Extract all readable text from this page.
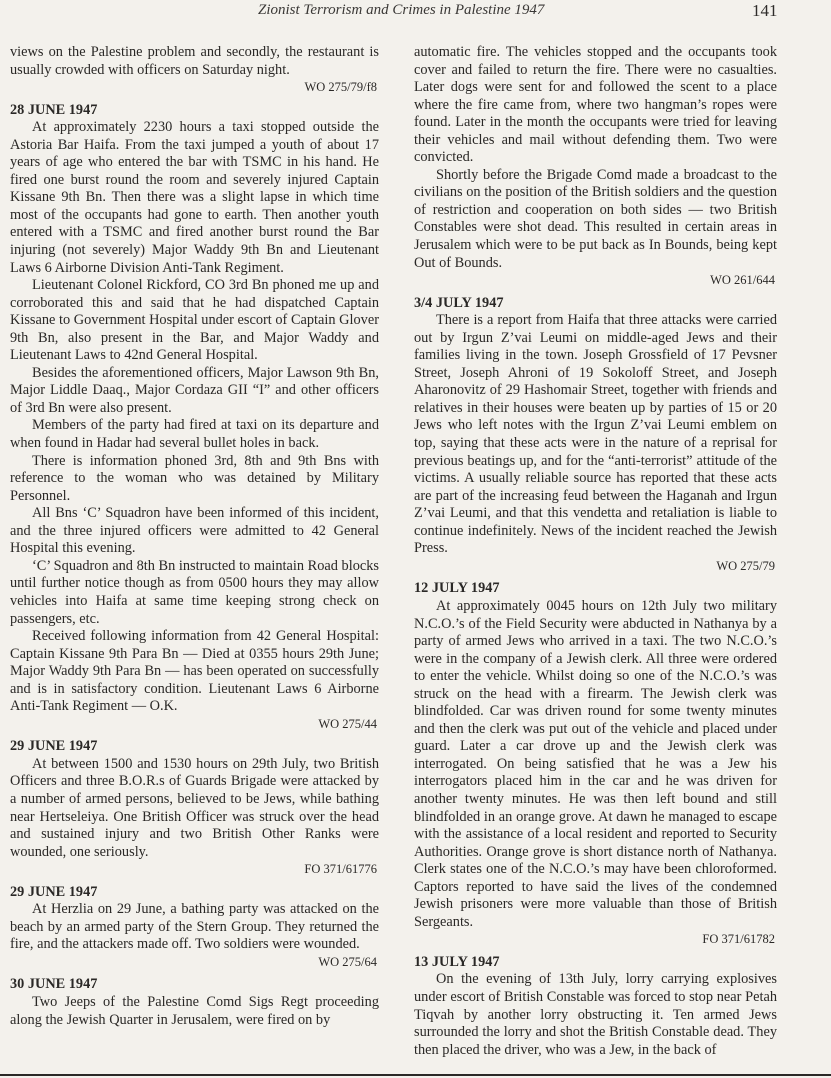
Zionist Terrorism and Crimes in Palestine 1947	141

views on the Palestine problem and secondly, the restaurant is usually crowded with officers on Saturday night.

WO 275/79/f8
28 JUNE 1947

At approximately 2230 hours a taxi stopped outside the Astoria Bar Haifa. From the taxi jumped a youth of about 17 years of age who entered the bar with TSMC in his hand. He fired one burst round the room and severely injured Captain Kissane 9th Bn. Then there was a slight lapse in which time most of the occupants had gone to earth. Then another youth entered with a TSMC and fired another burst round the Bar injuring (not severely) Major Waddy 9th Bn and Lieutenant Laws 6 Airborne Division Anti-Tank Regiment.

Lieutenant Colonel Rickford, CO 3rd Bn phoned me up and corroborated this and said that he had dispatched Captain Kissane to Government Hospital under escort of Captain Glover 9th Bn, also present in the Bar, and Major Waddy and Lieutenant Laws to 42nd General Hospital.

Besides the aforementioned officers, Major Lawson 9th Bn, Major Liddle Daaq., Major Cordaza GII “I” and other officers of 3rd Bn were also present.

Members of the party had fired at taxi on its departure and when found in Hadar had several bullet holes in back.

There is information phoned 3rd, 8th and 9th Bns with reference to the woman who was detained by Military Personnel.

All Bns ‘C’ Squadron have been informed of this incident, and the three injured officers were admitted to 42 General Hospital this evening.

‘C’ Squadron and 8th Bn instructed to maintain Road blocks until further notice though as from 0500 hours they may allow vehicles into Haifa at same time keeping strong check on passengers, etc.

Received following information from 42 General Hospital: Captain Kissane 9th Para Bn — Died at 0355 hours 29th June; Major Waddy 9th Para Bn — has been operated on successfully and is in satisfactory condition. Lieutenant Laws 6 Airborne Anti-Tank Regiment — O.K.

WO 275/44
29 JUNE 1947

At between 1500 and 1530 hours on 29th July, two British Officers and three B.O.R.s of Guards Brigade were attacked by a number of armed persons, believed to be Jews, while bathing near Hertseleiya. One British Officer was struck over the head and sustained injury and two British Other Ranks were wounded, one seriously.

FO 371/61776
29 JUNE 1947

At Herzlia on 29 June, a bathing party was attacked on the beach by an armed party of the Stern Group. They returned the fire, and the attackers made off. Two soldiers were wounded.

WO 275/64
30 JUNE 1947

Two Jeeps of the Palestine Comd Sigs Regt proceeding along the Jewish Quarter in Jerusalem, were fired on by

automatic fire. The vehicles stopped and the occupants took cover and failed to return the fire. There were no casualties. Later dogs were sent for and followed the scent to a place where the fire came from, where two hangman’s ropes were found. Later in the month the occupants were tried for leaving their vehicles and mail without defending them. Two were convicted.

Shortly before the Brigade Comd made a broadcast to the civilians on the position of the British soldiers and the question of restriction and cooperation on both sides — two British Constables were shot dead. This resulted in certain areas in Jerusalem which were to be put back as In Bounds, being kept Out of Bounds.

WO 261/644
3/4 JULY 1947

There is a report from Haifa that three attacks were carried out by Irgun Z’vai Leumi on middle-aged Jews and their families living in the town. Joseph Grossfield of 17 Pevsner Street, Joseph Ahroni of 19 Sokoloff Street, and Joseph Aharonovitz of 29 Hashomair Street, together with friends and relatives in their houses were beaten up by parties of 15 or 20 Jews who left notes with the Irgun Z’vai Leumi emblem on top, saying that these acts were in the nature of a reprisal for previous beatings up, and for the “anti-terrorist” attitude of the victims. A usually reliable source has reported that these acts are part of the increasing feud between the Haganah and Irgun Z’vai Leumi, and that this vendetta and retaliation is liable to continue indefinitely. News of the incident reached the Jewish Press.

WO 275/79
12 JULY 1947

At approximately 0045 hours on 12th July two military N.C.O.’s of the Field Security were abducted in Nathanya by a party of armed Jews who arrived in a taxi. The two N.C.O.’s were in the company of a Jewish clerk. All three were ordered to enter the vehicle. Whilst doing so one of the N.C.O.’s was struck on the head with a firearm. The Jewish clerk was blindfolded. Car was driven round for some twenty minutes and then the clerk was put out of the vehicle and placed under guard. Later a car drove up and the Jewish clerk was interrogated. On being satisfied that he was a Jew his interrogators placed him in the car and he was driven for another twenty minutes. He was then left bound and still blindfolded in an orange grove. At dawn he managed to escape with the assistance of a local resident and reported to Security Authorities. Orange grove is short distance north of Nathanya. Clerk states one of the N.C.O.’s may have been chloroformed. Captors reported to have said the lives of the condemned Jewish prisoners were more valuable than those of British Sergeants.

FO 371/61782
13 JULY 1947

On the evening of 13th July, lorry carrying explosives under escort of British Constable was forced to stop near Petah Tiqvah by another lorry obstructing it. Ten armed Jews surrounded the lorry and shot the British Constable dead. They then placed the driver, who was a Jew, in the back of
